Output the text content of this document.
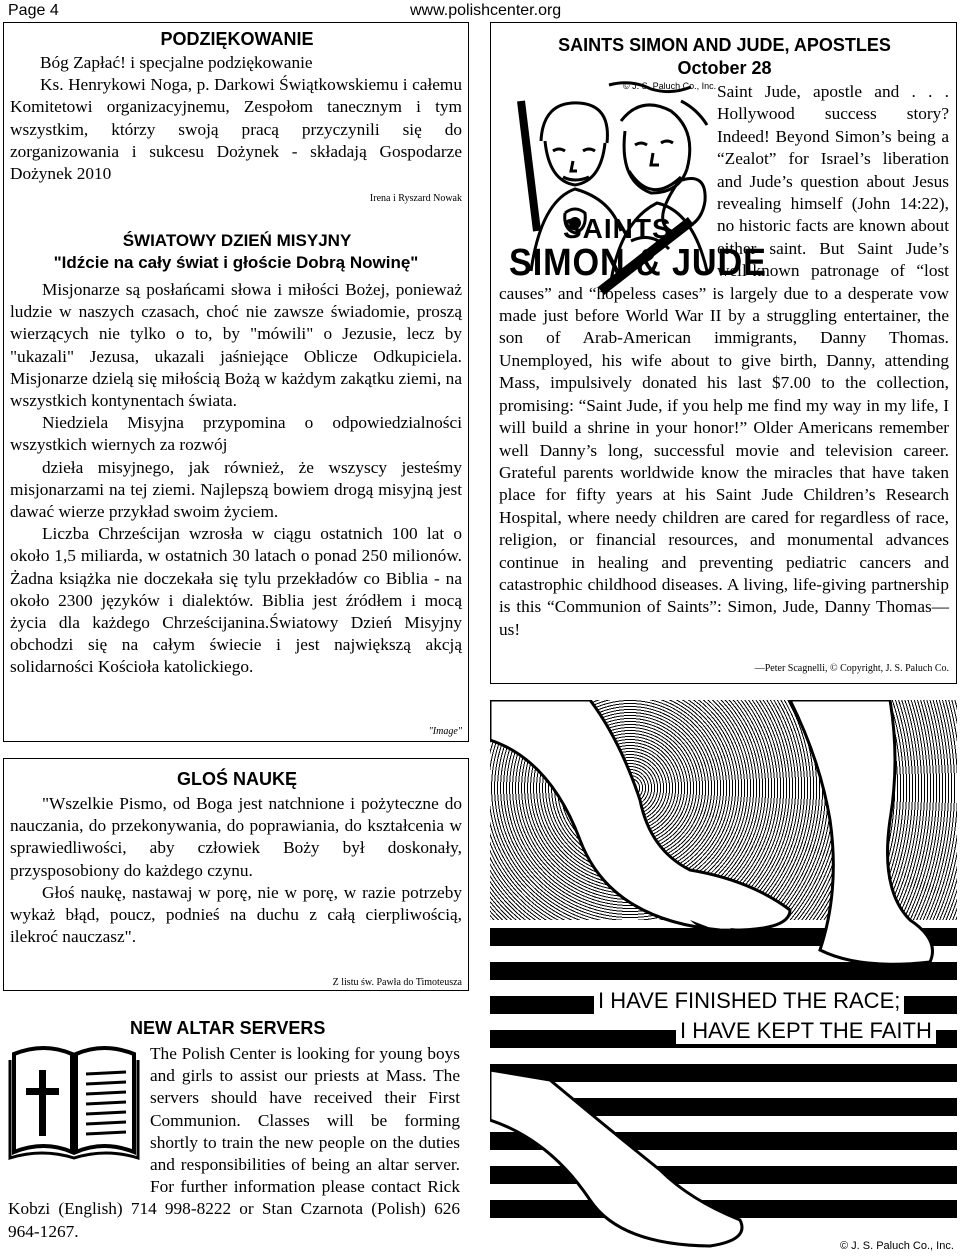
Page 4	www.polishcenter.org
PODZIĘKOWANIE

Bóg Zapłać! i specjalne podziękowanie

Ks. Henrykowi Noga, p. Darkowi Świątkowskiemu i całemu Komitetowi organizacyjnemu, Zespołom tanecznym i tym wszystkim, którzy swoją pracą przyczynili się do zorganizowania i sukcesu Dożynek - składają Gospodarze Dożynek 2010

Irena i Ryszard Nowak
ŚWIATOWY DZIEŃ MISYJNY
"Idźcie na cały świat i głoście Dobrą Nowinę"

Misjonarze są posłańcami słowa i miłości Bożej, ponieważ ludzie w naszych czasach, choć nie zawsze świadomie, proszą wierzących nie tylko o to, by "mówili" o Jezusie, lecz by "ukazali" Jezusa, ukazali jaśniejące Oblicze Odkupiciela. Misjonarze dzielą się miłością Bożą w każdym zakątku ziemi, na wszystkich kontynentach świata.

Niedziela Misyjna przypomina o odpowiedzialności wszystkich wiernych za rozwój

dzieła misyjnego, jak również, że wszyscy jesteśmy misjonarzami na tej ziemi. Najlepszą bowiem drogą misyjną jest dawać wierze przykład swoim życiem.

Liczba Chrześcijan wzrosła w ciągu ostatnich 100 lat o około 1,5 miliarda, w ostatnich 30 latach o ponad 250 milionów. Żadna książka nie doczekała się tylu przekładów co Biblia - na około 2300 języków i dialektów. Biblia jest źródłem i mocą życia dla każdego Chrześcijanina.Światowy Dzień Misyjny obchodzi się na całym świecie i jest największą akcją solidarności Kościoła katolickiego.

"Image"
GLOŚ NAUKĘ

"Wszelkie Pismo, od Boga jest natchnione i pożyteczne do nauczania, do przekonywania, do poprawiania, do kształcenia w sprawiedliwości, aby człowiek Boży był doskonały, przysposobiony do każdego czynu.

Głoś naukę, nastawaj w porę, nie w porę, w razie potrzeby wykaż błąd, poucz, podnieś na duchu z całą cierpliwością, ilekroć nauczasz".

Z listu św. Pawła do Timoteusza
NEW ALTAR SERVERS
The Polish Center is looking for young boys and girls to assist our priests at Mass. The servers should have received their First Communion. Classes will be forming shortly to train the new people on the duties and responsibilities of being an altar server. For further information please contact Rick Kobzi (English) 714 998-8222 or Stan Czarnota (Polish) 626 964-1267.
SAINTS SIMON AND JUDE, APOSTLES
October 28
© J. S. Paluch Co., Inc.
SAINTS
SIMON & JUDE
Saint Jude, apostle and . . . Hollywood success story? Indeed! Beyond Simon’s being a “Zealot” for Israel’s liberation and Jude’s question about Jesus revealing himself (John 14:22), no historic facts are known about either saint. But Saint Jude’s well-known patronage of “lost causes” and “hopeless cases” is largely due to a desperate vow made just before World War II by a struggling entertainer, the son of Arab-American immigrants, Danny Thomas. Unemployed, his wife about to give birth, Danny, attending Mass, impulsively donated his last $7.00 to the collection, promising: “Saint Jude, if you help me find my way in my life, I will build a shrine in your honor!” Older Americans remember well Danny’s long, successful movie and television career. Grateful parents worldwide know the miracles that have taken place for fifty years at his Saint Jude Children’s Research Hospital, where needy children are cared for regardless of race, religion, or financial resources, and monumental advances continue in healing and preventing pediatric cancers and catastrophic childhood diseases. A living, life-giving partnership is this “Communion of Saints”: Simon, Jude, Danny Thomas—us!
—Peter Scagnelli, © Copyright, J. S. Paluch Co.
I HAVE FINISHED THE RACE;
I HAVE KEPT THE FAITH
© J. S. Paluch Co., Inc.
